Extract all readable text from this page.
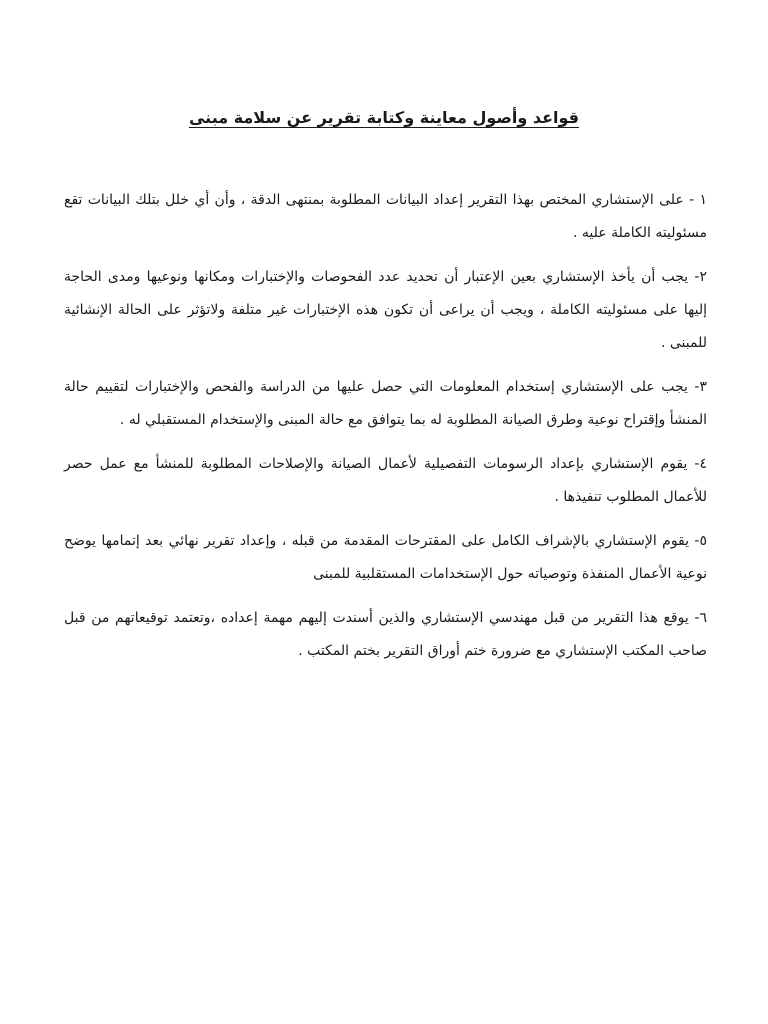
قواعد وأصول معاينة وكتابة تقرير عن سلامة مبنى
١ - على الإستشاري المختص بهذا التقرير إعداد البيانات المطلوبة بمنتهى الدقة ، وأن أي خلل بتلك البيانات تقع مسئوليته الكاملة عليه .
٢- يجب أن يأخذ الإستشاري بعين الإعتبار أن تحديد عدد الفحوصات والإختبارات ومكانها ونوعيها ومدى الحاجة إليها على مسئوليته الكاملة ، ويجب أن يراعى أن تكون هذه الإختبارات غير متلفة ولاتؤثر على الحالة الإنشائية للمبنى .
٣- يجب على الإستشاري إستخدام المعلومات التي حصل عليها من الدراسة والفحص والإختبارات لتقييم حالة المنشأ وإقتراح نوعية وطرق الصيانة المطلوبة له بما يتوافق مع حالة المبنى والإستخدام المستقبلي له .
٤- يقوم الإستشاري بإعداد الرسومات التفصيلية لأعمال الصيانة والإصلاحات المطلوبة للمنشأ مع عمل حصر للأعمال المطلوب تنفيذها .
٥- يقوم الإستشاري بالإشراف الكامل على المقترحات المقدمة من قبله ، وإعداد تقرير نهائي بعد إتمامها يوضح نوعية الأعمال المنفذة وتوصياته حول الإستخدامات المستقلبية للمبنى
٦- يوقع هذا التقرير من قبل مهندسي الإستشاري والذين أسندت إليهم مهمة إعداده ،وتعتمد توقيعاتهم من قبل صاحب المكتب الإستشاري مع ضرورة ختم أوراق التقرير بختم المكتب .
